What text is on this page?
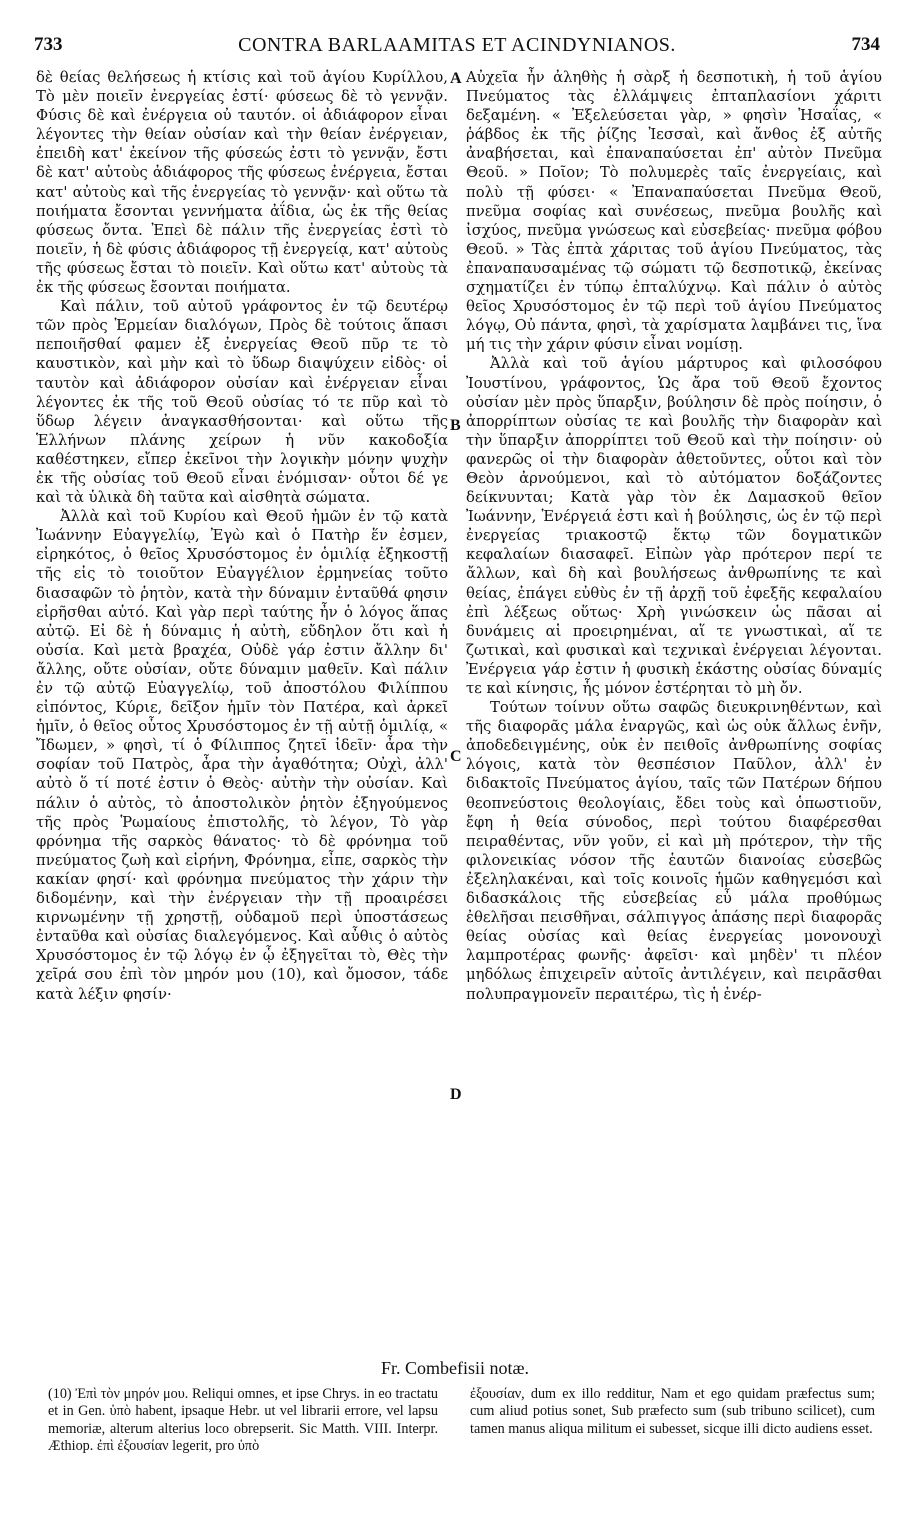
733	CONTRA BARLAAMITAS ET ACINDYNIANOS.	734

δὲ θείας θελήσεως ἡ κτίσις καὶ τοῦ ἁγίου Κυρίλλου, Τὸ μὲν ποιεῖν ἐνεργείας ἐστί· φύσεως δὲ τὸ γεννᾷν. Φύσις δὲ καὶ ἐνέργεια οὐ ταυτόν. οἱ ἀδιάφορον εἶναι λέγοντες τὴν θείαν οὐσίαν καὶ τὴν θείαν ἐνέργειαν, ἐπειδὴ κατ' ἐκείνον τῆς φύσεώς ἐστι τὸ γεννᾷν, ἔστι δὲ κατ' αὐτοὺς ἀδιάφορος τῆς φύσεως ἐνέργεια, ἔσται κατ' αὐτοὺς καὶ τῆς ἐνεργείας τὸ γεννᾷν· καὶ οὕτω τὰ ποιήματα ἔσονται γεννήματα ἀΐδια, ὡς ἐκ τῆς θείας φύσεως ὄντα. Ἐπεὶ δὲ πάλιν τῆς ἐνεργείας ἐστὶ τὸ ποιεῖν, ἡ δὲ φύσις ἀδιάφορος τῇ ἐνεργείᾳ, κατ' αὐτοὺς τῆς φύσεως ἔσται τὸ ποιεῖν. Καὶ οὕτω κατ' αὐτοὺς τὰ ἐκ τῆς φύσεως ἔσονται ποιήματα.

Καὶ πάλιν, τοῦ αὐτοῦ γράφοντος ἐν τῷ δευτέρῳ τῶν πρὸς Ἑρμείαν διαλόγων, Πρὸς δὲ τούτοις ἅπασι πεποιῆσθαί φαμεν ἐξ ἐνεργείας Θεοῦ πῦρ τε τὸ καυστικὸν, καὶ μὴν καὶ τὸ ὕδωρ διαψύχειν εἰδὸς· οἱ ταυτὸν καὶ ἀδιάφορον οὐσίαν καὶ ἐνέργειαν εἶναι λέγοντες ἐκ τῆς τοῦ Θεοῦ οὐσίας τό τε πῦρ καὶ τὸ ὕδωρ λέγειν ἀναγκασθήσονται· καὶ οὕτω τῆς Ἑλλήνων πλάνης χείρων ἡ νῦν κακοδοξία καθέστηκεν, εἴπερ ἐκεῖνοι τὴν λογικὴν μόνην ψυχὴν ἐκ τῆς οὐσίας τοῦ Θεοῦ εἶναι ἐνόμισαν· οὗτοι δέ γε καὶ τὰ ὑλικὰ δὴ ταῦτα καὶ αἰσθητὰ σώματα.

Ἀλλὰ καὶ τοῦ Κυρίου καὶ Θεοῦ ἡμῶν ἐν τῷ κατὰ Ἰωάννην Εὐαγγελίῳ, Ἐγὼ καὶ ὁ Πατὴρ ἕν ἐσμεν, εἰρηκότος, ὁ θεῖος Χρυσόστομος ἐν ὁμιλίᾳ ἑξηκοστῇ τῆς εἰς τὸ τοιοῦτον Εὐαγγέλιον ἑρμηνείας τοῦτο διασαφῶν τὸ ῥητὸν, κατὰ τὴν δύναμιν ἐνταῦθά φησιν εἰρῆσθαι αὐτό. Καὶ γὰρ περὶ ταύτης ἦν ὁ λόγος ἅπας αὐτῷ. Εἰ δὲ ἡ δύναμις ἡ αὐτὴ, εὔδηλον ὅτι καὶ ἡ οὐσία. Καὶ μετὰ βραχέα, Οὐδὲ γάρ ἐστιν ἄλλην δι' ἄλλης, οὔτε οὐσίαν, οὔτε δύναμιν μαθεῖν. Καὶ πάλιν ἐν τῷ αὐτῷ Εὐαγγελίῳ, τοῦ ἀποστόλου Φιλίππου εἰπόντος, Κύριε, δεῖξον ἡμῖν τὸν Πατέρα, καὶ ἀρκεῖ ἡμῖν, ὁ θεῖος οὗτος Χρυσόστομος ἐν τῇ αὐτῇ ὁμιλίᾳ, « Ἴδωμεν, » φησὶ, τί ὁ Φίλιππος ζητεῖ ἰδεῖν· ἆρα τὴν σοφίαν τοῦ Πατρὸς, ἆρα τὴν ἀγαθότητα; Οὐχὶ, ἀλλ' αὐτὸ ὅ τί ποτέ ἐστιν ὁ Θεὸς· αὐτὴν τὴν οὐσίαν. Καὶ πάλιν ὁ αὐτὸς, τὸ ἀποστολικὸν ῥητὸν ἐξηγούμενος τῆς πρὸς Ῥωμαίους ἐπιστολῆς, τὸ λέγον, Τὸ γὰρ φρόνημα τῆς σαρκὸς θάνατος· τὸ δὲ φρόνημα τοῦ πνεύματος ζωὴ καὶ εἰρήνη, Φρόνημα, εἶπε, σαρκὸς τὴν κακίαν φησί· καὶ φρόνημα πνεύματος τὴν χάριν τὴν διδομένην, καὶ τὴν ἐνέργειαν τὴν τῇ προαιρέσει κιρνωμένην τῇ χρηστῇ, οὐδαμοῦ περὶ ὑποστάσεως ἐνταῦθα καὶ οὐσίας διαλεγόμενος. Καὶ αὖθις ὁ αὐτὸς Χρυσόστομος ἐν τῷ λόγῳ ἐν ᾧ ἐξηγεῖται τὸ, Θὲς τὴν χεῖρά σου ἐπὶ τὸν μηρόν μου (10), καὶ ὄμοσον, τάδε κατὰ λέξιν φησίν·

A
B
C
D

Αὐχεῖα ἦν ἀληθὴς ἡ σὰρξ ἡ δεσποτικὴ, ἡ τοῦ ἁγίου Πνεύματος τὰς ἐλλάμψεις ἐπταπλασίονι χάριτι δεξαμένη. « Ἐξελεύσεται γὰρ, » φησὶν Ἡσαΐας, « ῥάβδος ἐκ τῆς ῥίζης Ἰεσσαὶ, καὶ ἄνθος ἐξ αὐτῆς ἀναβήσεται, καὶ ἐπαναπαύσεται ἐπ' αὐτὸν Πνεῦμα Θεοῦ. » Ποῖον; Τὸ πολυμερὲς ταῖς ἐνεργείαις, καὶ πολὺ τῇ φύσει· « Ἐπαναπαύσεται Πνεῦμα Θεοῦ, πνεῦμα σοφίας καὶ συνέσεως, πνεῦμα βουλῆς καὶ ἰσχύος, πνεῦμα γνώσεως καὶ εὐσεβείας· πνεῦμα φόβου Θεοῦ. » Τὰς ἑπτὰ χάριτας τοῦ ἁγίου Πνεύματος, τὰς ἐπαναπαυσαμένας τῷ σώματι τῷ δεσποτικῷ, ἐκείνας σχηματίζει ἐν τύπῳ ἐπταλύχνῳ. Καὶ πάλιν ὁ αὐτὸς θεῖος Χρυσόστομος ἐν τῷ περὶ τοῦ ἁγίου Πνεύματος λόγῳ, Οὐ πάντα, φησὶ, τὰ χαρίσματα λαμβάνει τις, ἵνα μή τις τὴν χάριν φύσιν εἶναι νομίσῃ.

Ἀλλὰ καὶ τοῦ ἁγίου μάρτυρος καὶ φιλοσόφου Ἰουστίνου, γράφοντος, Ὡς ἄρα τοῦ Θεοῦ ἔχοντος οὐσίαν μὲν πρὸς ὕπαρξιν, βούλησιν δὲ πρὸς ποίησιν, ὁ ἀπορρίπτων οὐσίας τε καὶ βουλῆς τὴν διαφορὰν καὶ τὴν ὕπαρξιν ἀπορρίπτει τοῦ Θεοῦ καὶ τὴν ποίησιν· οὐ φανερῶς οἱ τὴν διαφορὰν ἀθετοῦντες, οὗτοι καὶ τὸν Θεὸν ἀρνούμενοι, καὶ τὸ αὐτόματον δοξάζοντες δείκνυνται; Κατὰ γὰρ τὸν ἐκ Δαμασκοῦ θεῖον Ἰωάννην, Ἐνέργειά ἐστι καὶ ἡ βούλησις, ὡς ἐν τῷ περὶ ἐνεργείας τριακοστῷ ἕκτῳ τῶν δογματικῶν κεφαλαίων διασαφεῖ. Εἰπὼν γὰρ πρότερον περί τε ἄλλων, καὶ δὴ καὶ βουλήσεως ἀνθρωπίνης τε καὶ θείας, ἐπάγει εὐθὺς ἐν τῇ ἀρχῇ τοῦ ἐφεξῆς κεφαλαίου ἐπὶ λέξεως οὕτως· Χρὴ γινώσκειν ὡς πᾶσαι αἱ δυνάμεις αἱ προειρημέναι, αἵ τε γνωστικαὶ, αἵ τε ζωτικαὶ, καὶ φυσικαὶ καὶ τεχνικαὶ ἐνέργειαι λέγονται. Ἐνέργεια γάρ ἐστιν ἡ φυσικὴ ἑκάστης οὐσίας δύναμίς τε καὶ κίνησις, ἧς μόνον ἐστέρηται τὸ μὴ ὄν.

Τούτων τοίνυν οὕτω σαφῶς διευκρινηθέντων, καὶ τῆς διαφορᾶς μάλα ἐναργῶς, καὶ ὡς οὐκ ἄλλως ἐνῆν, ἀποδεδειγμένης, οὐκ ἐν πειθοῖς ἀνθρωπίνης σοφίας λόγοις, κατὰ τὸν θεσπέσιον Παῦλον, ἀλλ' ἐν διδακτοῖς Πνεύματος ἁγίου, ταῖς τῶν Πατέρων δήπου θεοπνεύστοις θεολογίαις, ἔδει τοὺς καὶ ὁπωστιοῦν, ἔφη ἡ θεία σύνοδος, περὶ τούτου διαφέρεσθαι πειραθέντας, νῦν γοῦν, εἰ καὶ μὴ πρότερον, τὴν τῆς φιλονεικίας νόσον τῆς ἑαυτῶν διανοίας εὐσεβῶς ἐξεληλακέναι, καὶ τοῖς κοινοῖς ἡμῶν καθηγεμόσι καὶ διδασκάλοις τῆς εὐσεβείας εὖ μάλα προθύμως ἐθελῆσαι πεισθῆναι, σάλπιγγος ἁπάσης περὶ διαφορᾶς θείας οὐσίας καὶ θείας ἐνεργείας μονονουχὶ λαμπροτέρας φωνῆς· ἀφεῖσι· καὶ μηδὲν' τι πλέον μηδόλως ἐπιχειρεῖν αὐτοῖς ἀντιλέγειν, καὶ πειρᾶσθαι πολυπραγμονεῖν περαιτέρω, τὶς ἡ ἐνέρ-

Fr. Combefisii notæ.

(10) Ἐπὶ τὸν μηρόν μου. Reliqui omnes, et ipse Chrys. in eo tractatu et in Gen. ὑπὸ habent, ipsaque Hebr. ut vel librarii errore, vel lapsu memoriæ, alterum alterius loco obrepserit. Sic Matth. VIII. Interpr. Æthiop. ἐπὶ ἐξουσίαν legerit, pro ὑπὸ

ἐξουσίαν, dum ex illo redditur, Nam et ego quidam præfectus sum; cum aliud potius sonet, Sub præfecto sum (sub tribuno scilicet), cum tamen manus aliqua militum ei subesset, sicque illi dicto audiens esset.
